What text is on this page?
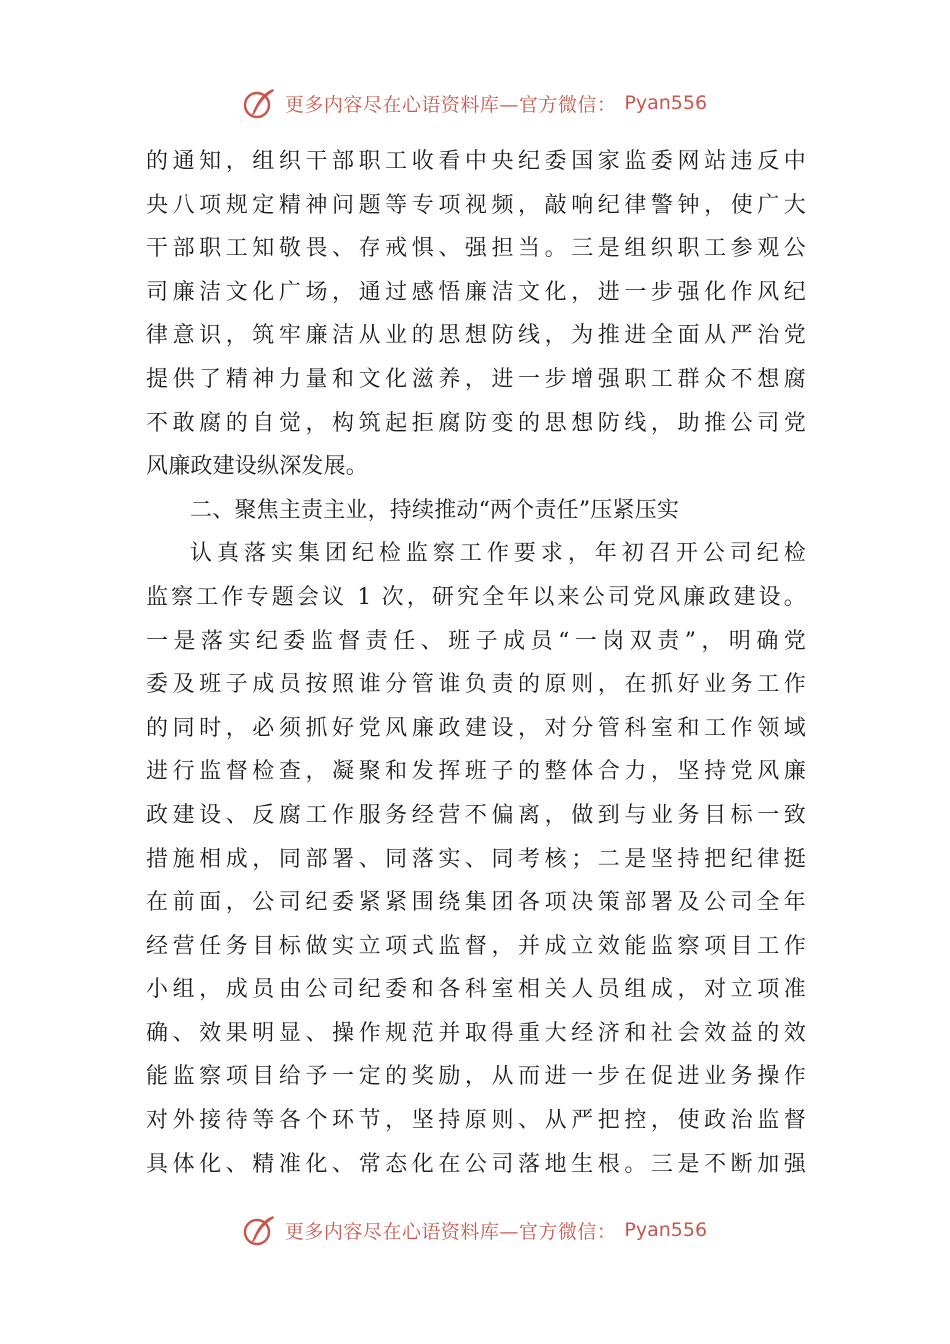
更多内容尽在心语资料库—官方微信： Pyan556
的通知，组织干部职工收看中央纪委国家监委网站违反中
央八项规定精神问题等专项视频，敲响纪律警钟，使广大
干部职工知敬畏、存戒惧、强担当。三是组织职工参观公
司廉洁文化广场，通过感悟廉洁文化，进一步强化作风纪
律意识，筑牢廉洁从业的思想防线，为推进全面从严治党
提供了精神力量和文化滋养，进一步增强职工群众不想腐
不敢腐的自觉，构筑起拒腐防变的思想防线，助推公司党
风廉政建设纵深发展。
二、聚焦主责主业，持续推动“两个责任”压紧压实
认真落实集团纪检监察工作要求，年初召开公司纪检
监察工作专题会议 1 次，研究全年以来公司党风廉政建设。
一是落实纪委监督责任、班子成员“一岗双责”，明确党
委及班子成员按照谁分管谁负责的原则，在抓好业务工作
的同时，必须抓好党风廉政建设，对分管科室和工作领域
进行监督检查，凝聚和发挥班子的整体合力，坚持党风廉
政建设、反腐工作服务经营不偏离，做到与业务目标一致
措施相成，同部署、同落实、同考核；二是坚持把纪律挺
在前面，公司纪委紧紧围绕集团各项决策部署及公司全年
经营任务目标做实立项式监督，并成立效能监察项目工作
小组，成员由公司纪委和各科室相关人员组成，对立项准
确、效果明显、操作规范并取得重大经济和社会效益的效
能监察项目给予一定的奖励，从而进一步在促进业务操作
对外接待等各个环节，坚持原则、从严把控，使政治监督
具体化、精准化、常态化在公司落地生根。三是不断加强
更多内容尽在心语资料库—官方微信： Pyan556
